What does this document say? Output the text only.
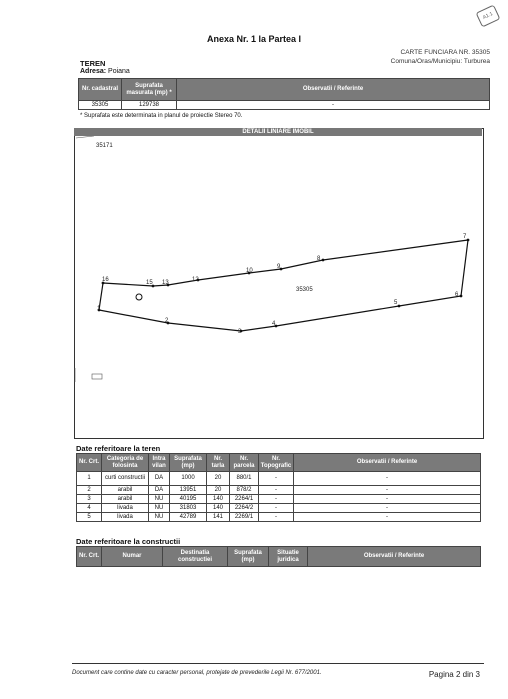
A1.1
Anexa Nr. 1 la Partea I
CARTE FUNCIARA NR. 35305
Comuna/Oras/Municipiu: Turburea
TEREN
Adresa: Poiana
Nr. cadastral	Suprafata masurata (mp) *	Observatii / Referinte
35305	129738	-
* Suprafata este determinata in planul de proiectie Stereo 70.
DETALII LINIARE IMOBIL
35171
35305
16	15 13	12
10
9
8
7
6
5
4
3
2
1
Date referitoare la teren
Nr. Crt.	Categoria de folosinta	Intra vilan	Suprafata (mp)	Nr. tarla	Nr. parcela	Nr. Topografic	Observatii / Referinte
1	curti constructii	DA	1000	20	880/1	-	-
2	arabil	DA	13951	20	878/2	-	-
3	arabil	NU	40195	140	2264/1	-	-
4	livada	NU	31803	140	2264/2	-	-
5	livada	NU	42789	141	2269/1	-	-
Date referitoare la constructii
Nr. Crt.	Numar	Destinatia constructiei	Suprafata (mp)	Situatie juridica	Observatii / Referinte
Document care contine date cu caracter personal, protejate de prevederile Legii Nr. 677/2001.	Pagina 2 din 3
